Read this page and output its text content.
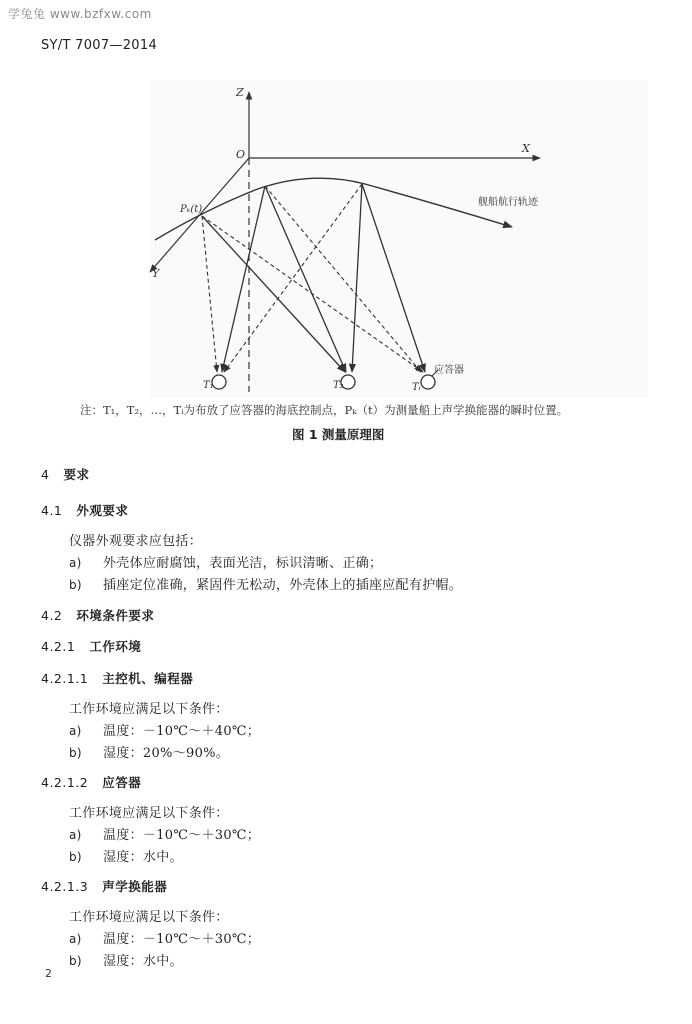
学兔兔 www.bzfxw.com
SY/T 7007—2014
Z
X
Y
O
Pₖ(t)
舰船航行轨迹
应答器
T₁	T₂	Tᵢ
注：T₁，T₂，…，Tᵢ为布放了应答器的海底控制点，Pₖ（t）为测量船上声学换能器的瞬时位置。
图 1 测量原理图
4 要求
4.1 外观要求
仪器外观要求应包括：
a) 外壳体应耐腐蚀，表面光洁，标识清晰、正确；
b) 插座定位准确，紧固件无松动，外壳体上的插座应配有护帽。
4.2 环境条件要求
4.2.1 工作环境
4.2.1.1 主控机、编程器
工作环境应满足以下条件：
a) 温度：－10℃～＋40℃；
b) 湿度：20%～90%。
4.2.1.2 应答器
工作环境应满足以下条件：
a) 温度：－10℃～＋30℃；
b) 湿度：水中。
4.2.1.3 声学换能器
工作环境应满足以下条件：
a) 温度：－10℃～＋30℃；
b) 湿度：水中。
2
